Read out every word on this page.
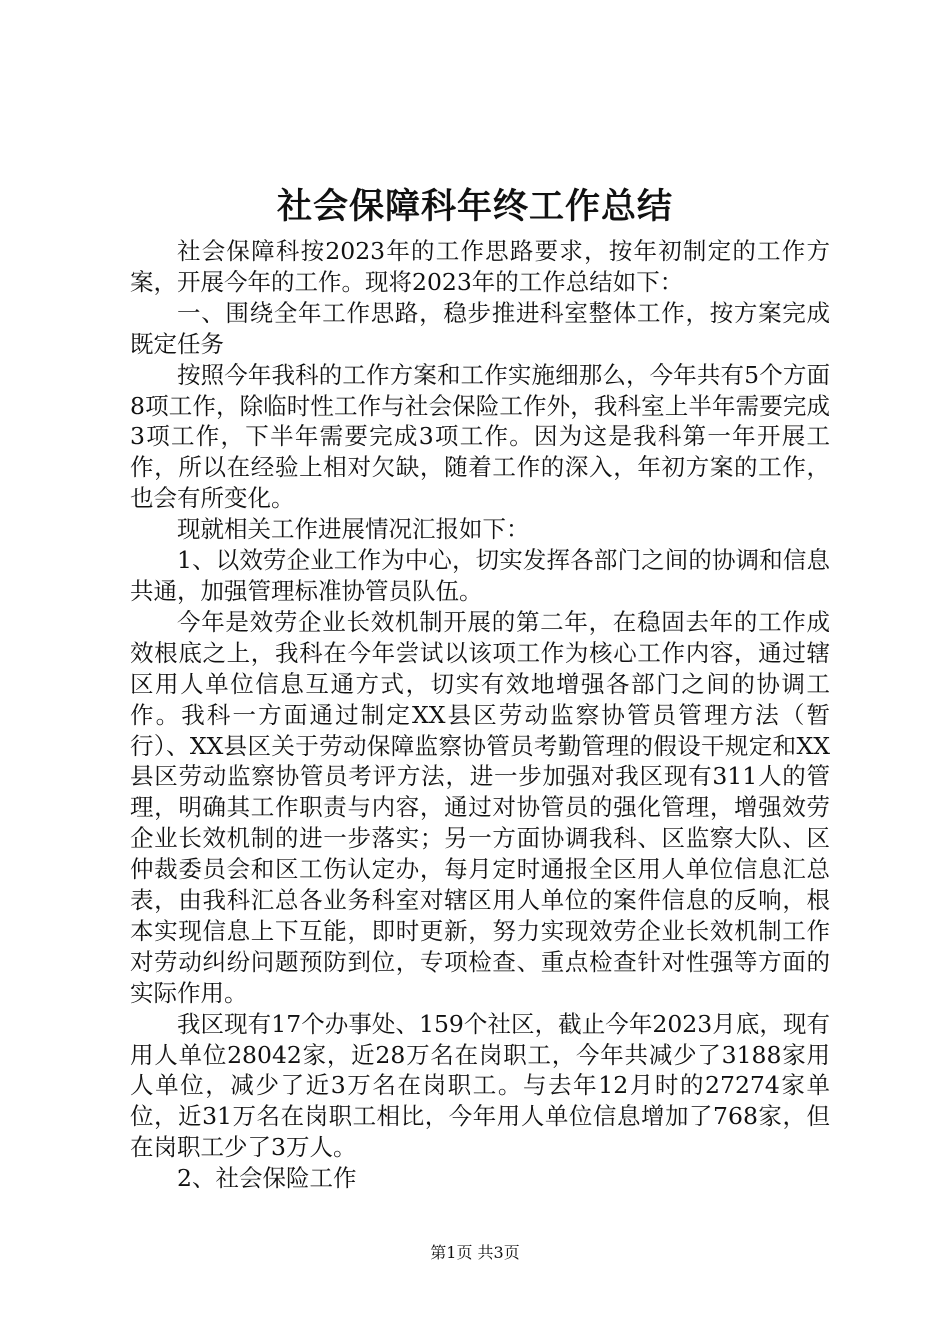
社会保障科年终工作总结

社会保障科按2023年的工作思路要求，按年初制定的工作方案，开展今年的工作。现将2023年的工作总结如下：

一、围绕全年工作思路，稳步推进科室整体工作，按方案完成既定任务

按照今年我科的工作方案和工作实施细那么，今年共有5个方面8项工作，除临时性工作与社会保险工作外，我科室上半年需要完成3项工作，下半年需要完成3项工作。因为这是我科第一年开展工作，所以在经验上相对欠缺，随着工作的深入，年初方案的工作，也会有所变化。

现就相关工作进展情况汇报如下：

1、以效劳企业工作为中心，切实发挥各部门之间的协调和信息共通，加强管理标准协管员队伍。

今年是效劳企业长效机制开展的第二年，在稳固去年的工作成效根底之上，我科在今年尝试以该项工作为核心工作内容，通过辖区用人单位信息互通方式，切实有效地增强各部门之间的协调工作。我科一方面通过制定XX县区劳动监察协管员管理方法（暂行）、XX县区关于劳动保障监察协管员考勤管理的假设干规定和XX县区劳动监察协管员考评方法，进一步加强对我区现有311人的管理，明确其工作职责与内容，通过对协管员的强化管理，增强效劳企业长效机制的进一步落实；另一方面协调我科、区监察大队、区仲裁委员会和区工伤认定办，每月定时通报全区用人单位信息汇总表，由我科汇总各业务科室对辖区用人单位的案件信息的反响，根本实现信息上下互能，即时更新，努力实现效劳企业长效机制工作对劳动纠纷问题预防到位，专项检查、重点检查针对性强等方面的实际作用。

我区现有17个办事处、159个社区，截止今年2023月底，现有用人单位28042家，近28万名在岗职工，今年共减少了3188家用人单位，减少了近3万名在岗职工。与去年12月时的27274家单位，近31万名在岗职工相比，今年用人单位信息增加了768家，但在岗职工少了3万人。

2、社会保险工作

第1页 共3页
